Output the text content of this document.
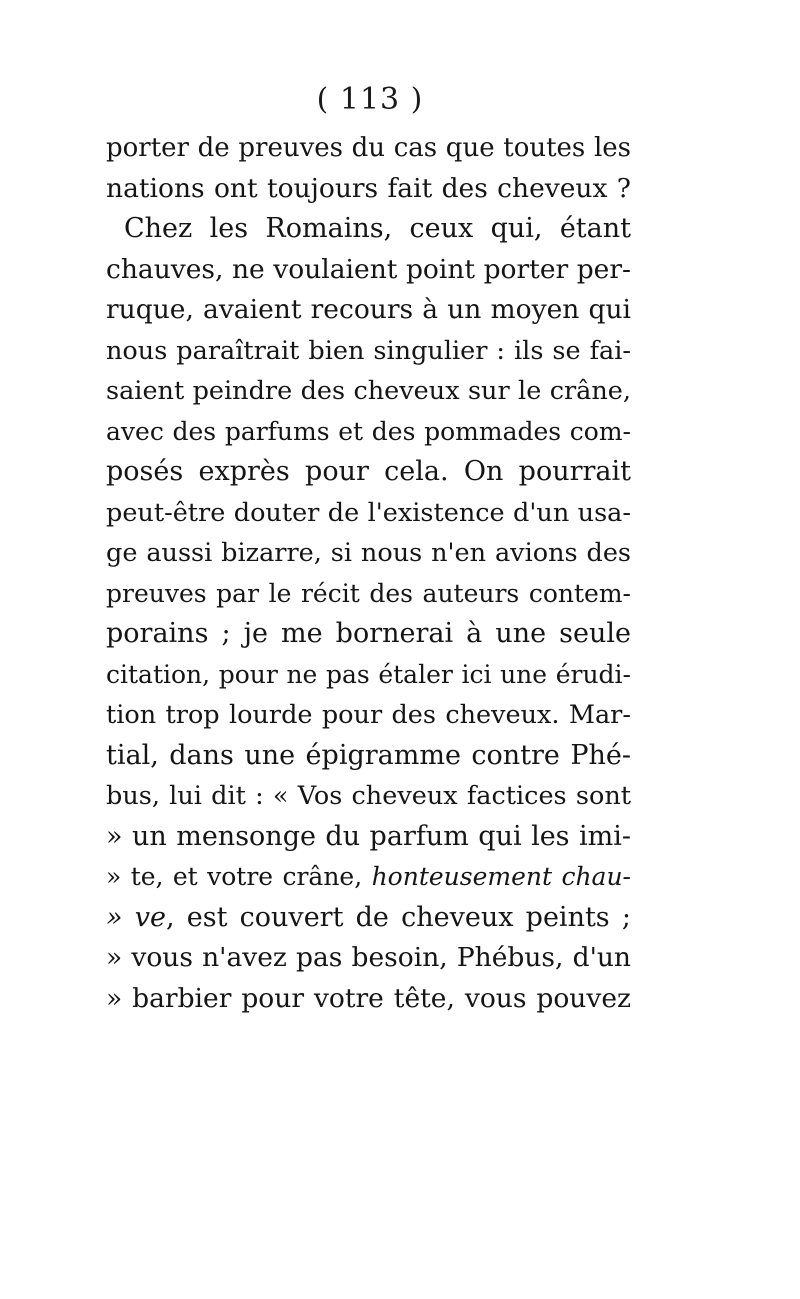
( 113 )
porter de preuves du cas que toutes les
nations ont toujours fait des cheveux ?
Chez les Romains, ceux qui, étant
chauves, ne voulaient point porter per-
ruque, avaient recours à un moyen qui
nous paraîtrait bien singulier : ils se fai-
saient peindre des cheveux sur le crâne,
avec des parfums et des pommades com-
posés exprès pour cela. On pourrait
peut-être douter de l'existence d'un usa-
ge aussi bizarre, si nous n'en avions des
preuves par le récit des auteurs contem-
porains ; je me bornerai à une seule
citation, pour ne pas étaler ici une érudi-
tion trop lourde pour des cheveux. Mar-
tial, dans une épigramme contre Phé-
bus, lui dit : « Vos cheveux factices sont
» un mensonge du parfum qui les imi-
» te, et votre crâne, honteusement chau-
» ve, est couvert de cheveux peints ;
» vous n'avez pas besoin, Phébus, d'un
» barbier pour votre tête, vous pouvez
